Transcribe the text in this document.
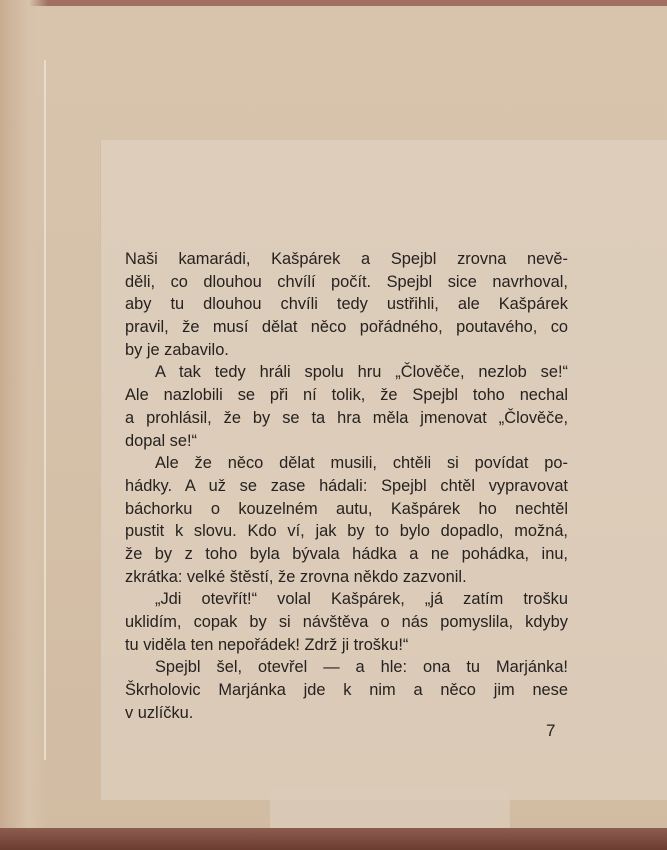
Naši kamarádi, Kašpárek a Spejbl zrovna nevě-
děli, co dlouhou chvílí počít. Spejbl sice navrhoval,
aby tu dlouhou chvíli tedy ustřihli, ale Kašpárek
pravil, že musí dělat něco pořádného, poutavého, co
by je zabavilo.
A tak tedy hráli spolu hru „Člověče, nezlob se!“
Ale nazlobili se při ní tolik, že Spejbl toho nechal
a prohlásil, že by se ta hra měla jmenovat „Člověče,
dopal se!“
Ale že něco dělat musili, chtěli si povídat po-
hádky. A už se zase hádali: Spejbl chtěl vypravovat
báchorku o kouzelném autu, Kašpárek ho nechtěl
pustit k slovu. Kdo ví, jak by to bylo dopadlo, možná,
že by z toho byla bývala hádka a ne pohádka, inu,
zkrátka: velké štěstí, že zrovna někdo zazvonil.
„Jdi otevřít!“ volal Kašpárek, „já zatím trošku
uklidím, copak by si návštěva o nás pomyslila, kdyby
tu viděla ten nepořádek! Zdrž ji trošku!“
Spejbl šel, otevřel — a hle: ona tu Marjánka!
Škrholovic Marjánka jde k nim a něco jim nese
v uzlíčku.
7
